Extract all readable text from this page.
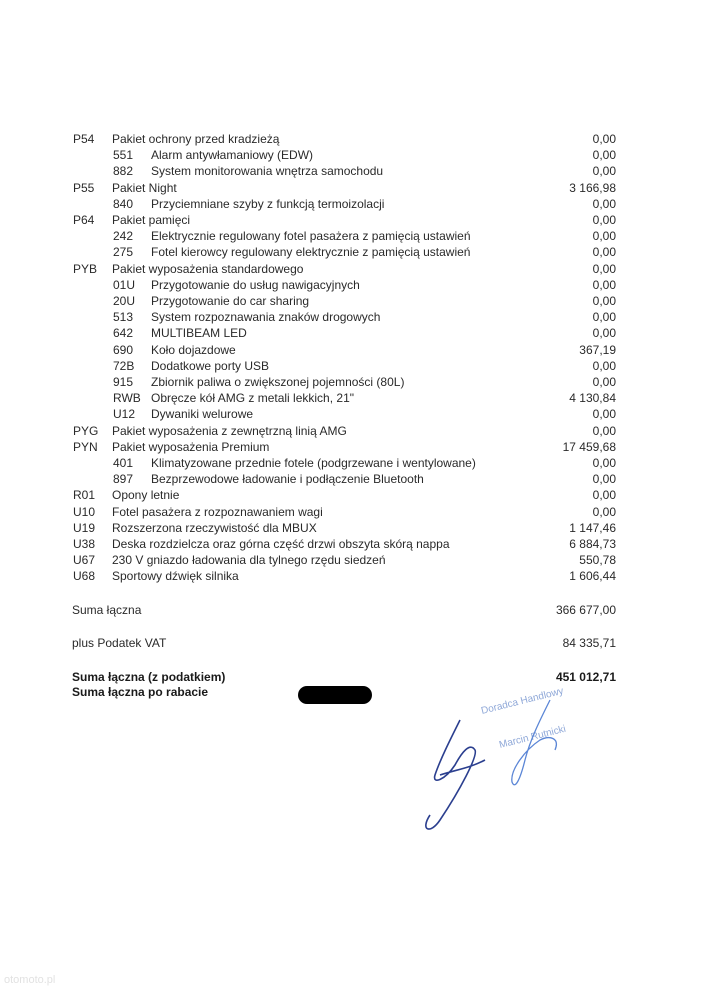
P54 Pakiet ochrony przed kradzieżą	0,00
551 Alarm antywłamaniowy (EDW)	0,00
882 System monitorowania wnętrza samochodu	0,00
P55 Pakiet Night	3 166,98
840 Przyciemniane szyby z funkcją termoizolacji	0,00
P64 Pakiet pamięci	0,00
242 Elektrycznie regulowany fotel pasażera z pamięcią ustawień	0,00
275 Fotel kierowcy regulowany elektrycznie z pamięcią ustawień	0,00
PYB Pakiet wyposażenia standardowego	0,00
01U Przygotowanie do usług nawigacyjnych	0,00
20U Przygotowanie do car sharing	0,00
513 System rozpoznawania znaków drogowych	0,00
642 MULTIBEAM LED	0,00
690 Koło dojazdowe	367,19
72B Dodatkowe porty USB	0,00
915 Zbiornik paliwa o zwiększonej pojemności (80L)	0,00
RWB Obręcze kół AMG z metali lekkich, 21"	4 130,84
U12 Dywaniki welurowe	0,00
PYG Pakiet wyposażenia z zewnętrzną linią AMG	0,00
PYN Pakiet wyposażenia Premium	17 459,68
401 Klimatyzowane przednie fotele (podgrzewane i wentylowane)	0,00
897 Bezprzewodowe ładowanie i podłączenie Bluetooth	0,00
R01 Opony letnie	0,00
U10 Fotel pasażera z rozpoznawaniem wagi	0,00
U19 Rozszerzona rzeczywistość dla MBUX	1 147,46
U38 Deska rozdzielcza oraz górna część drzwi obszyta skórą nappa	6 884,73
U67 230 V gniazdo ładowania dla tylnego rzędu siedzeń	550,78
U68 Sportowy dźwięk silnika	1 606,44
Suma łączna	366 677,00
plus Podatek VAT	84 335,71
Suma łączna (z podatkiem)	451 012,71
Suma łączna po rabacie	Doradca Handlowy
Marcin Rutnicki
otomoto.pl
